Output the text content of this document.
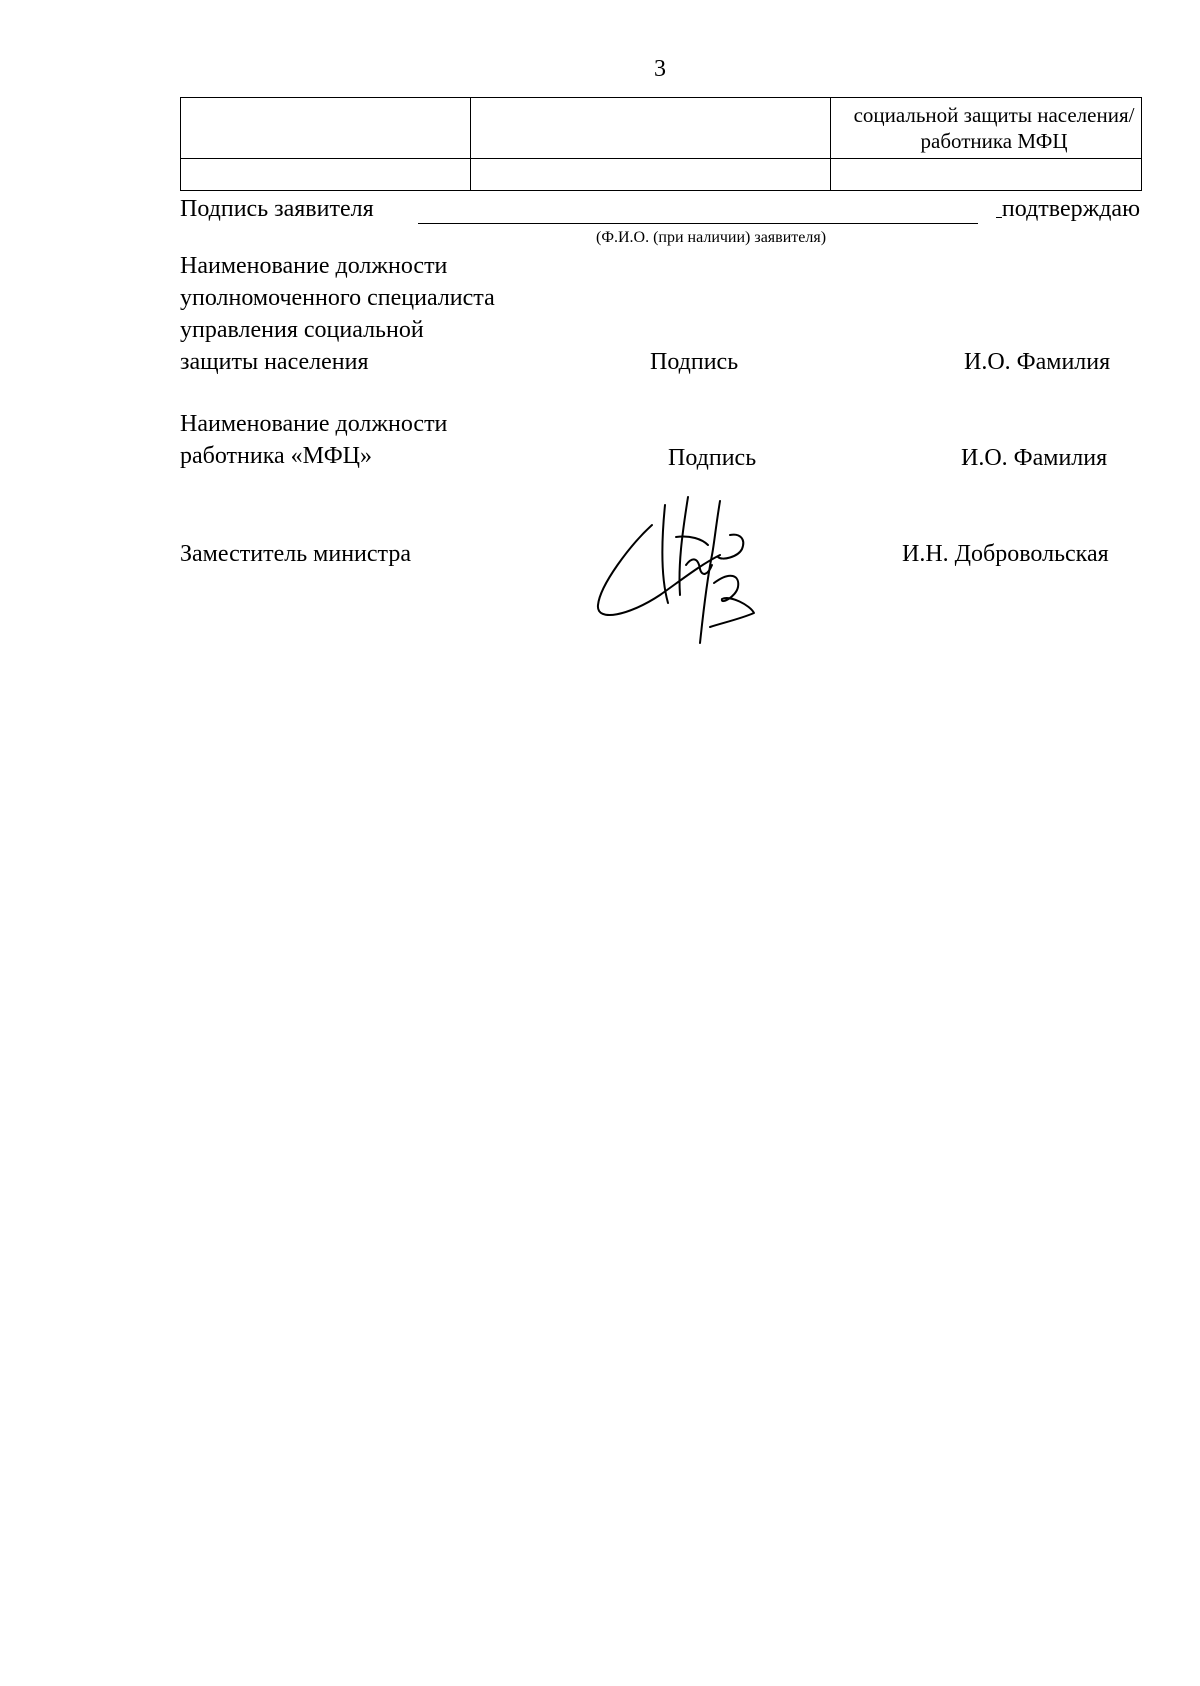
3

		социальной защиты населения/работника МФЦ

Подпись заявителя	подтверждаю
(Ф.И.О. (при наличии) заявителя)
Наименование должности
уполномоченного специалиста
управления социальной
защиты населения	Подпись	И.О. Фамилия
Наименование должности
работника «МФЦ»	Подпись	И.О. Фамилия
Заместитель министра	И.Н. Добровольская
